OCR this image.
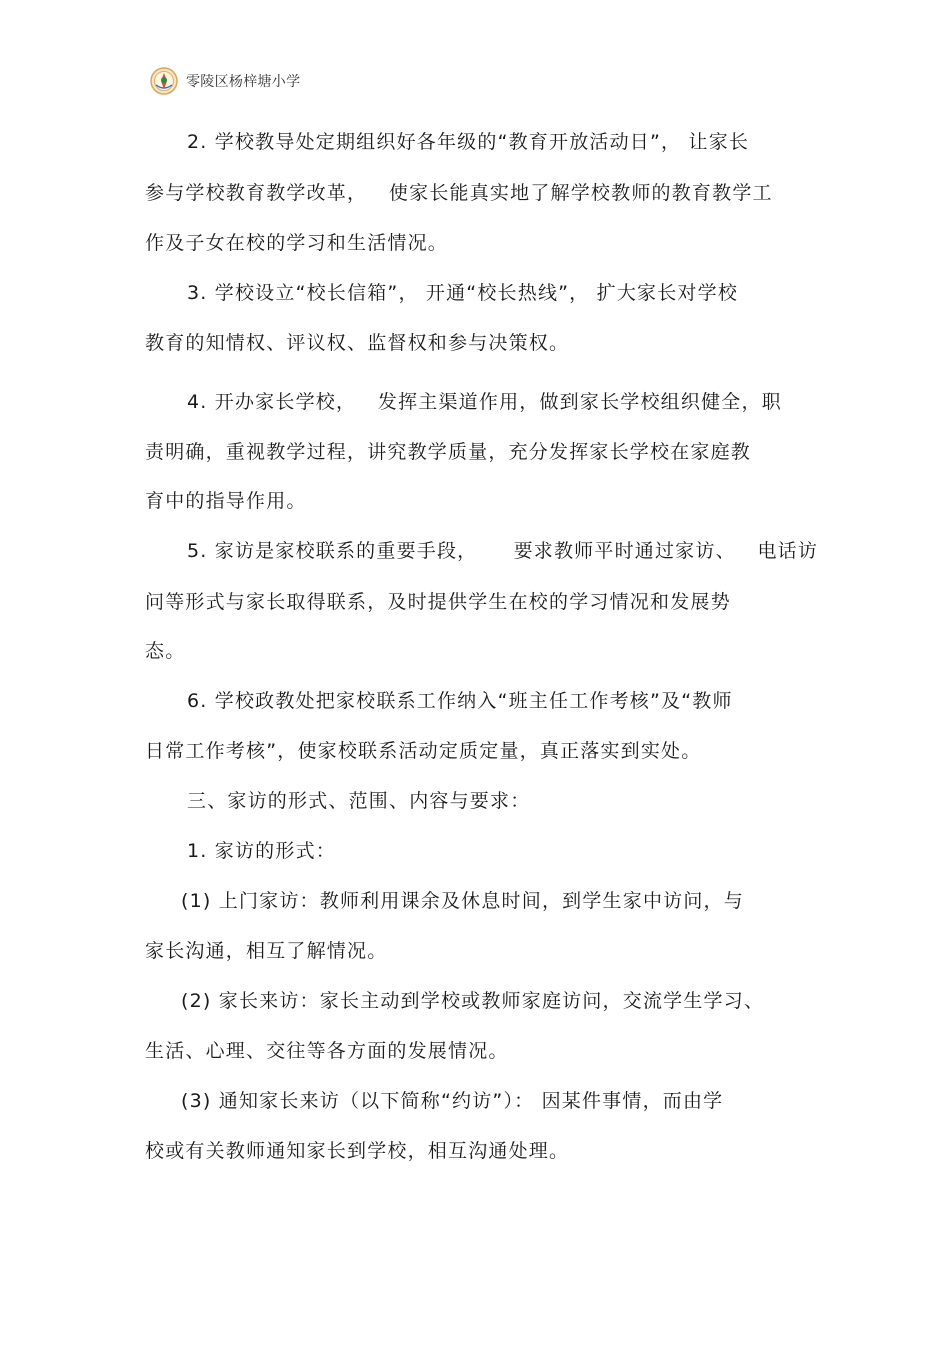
零陵区杨梓塘小学
2. 学校教导处定期组织好各年级的“教育开放活动日”， 让家长
参与学校教育教学改革，   使家长能真实地了解学校教师的教育教学工
作及子女在校的学习和生活情况。
3. 学校设立“校长信箱”， 开通“校长热线”， 扩大家长对学校
教育的知情权、评议权、监督权和参与决策权。
4. 开办家长学校，   发挥主渠道作用，做到家长学校组织健全，职
责明确，重视教学过程，讲究教学质量，充分发挥家长学校在家庭教
育中的指导作用。
5. 家访是家校联系的重要手段，     要求教师平时通过家访、   电话访
问等形式与家长取得联系，及时提供学生在校的学习情况和发展势
态。
6. 学校政教处把家校联系工作纳入“班主任工作考核”及“教师
日常工作考核”，使家校联系活动定质定量，真正落实到实处。
三、家访的形式、范围、内容与要求：
1. 家访的形式：
(1) 上门家访：教师利用课余及休息时间，到学生家中访问，与
家长沟通，相互了解情况。
(2) 家长来访：家长主动到学校或教师家庭访问，交流学生学习、
生活、心理、交往等各方面的发展情况。
(3) 通知家长来访（以下简称“约访”）： 因某件事情，而由学
校或有关教师通知家长到学校，相互沟通处理。
